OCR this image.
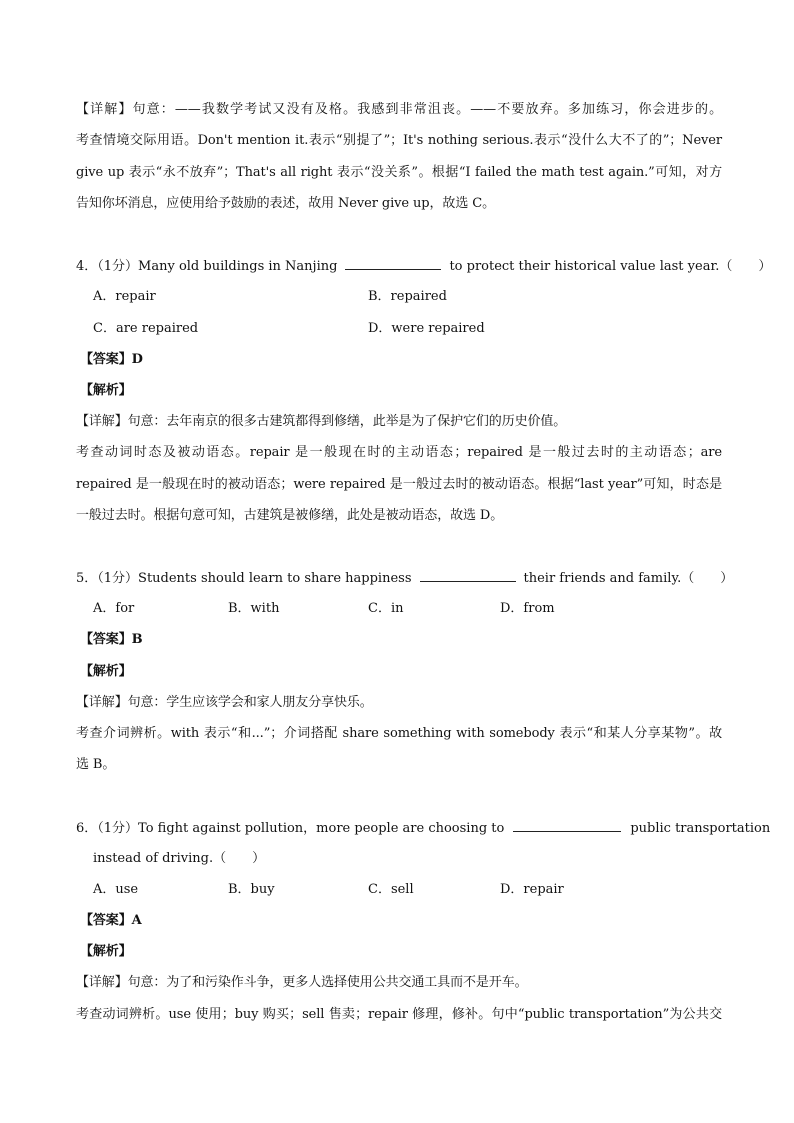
【详解】句意：——我数学考试又没有及格。我感到非常沮丧。——不要放弃。多加练习，你会进步的。
考查情境交际用语。Don't mention it.表示“别提了”；It's nothing serious.表示“没什么大不了的”；Never
give up 表示“永不放弃”；That's all right 表示“没关系”。根据“I failed the math test again.”可知，对方
告知你坏消息，应使用给予鼓励的表述，故用 Never give up，故选 C。
4．（1分）Many old buildings in Nanjing	to protect their historical value last year.（　　）
A．repair	B．repaired
C．are repaired	D．were repaired
【答案】D
【解析】
【详解】句意：去年南京的很多古建筑都得到修缮，此举是为了保护它们的历史价值。
考查动词时态及被动语态。repair 是一般现在时的主动语态；repaired 是一般过去时的主动语态；are
repaired 是一般现在时的被动语态；were repaired 是一般过去时的被动语态。根据“last year”可知，时态是
一般过去时。根据句意可知，古建筑是被修缮，此处是被动语态，故选 D。
5．（1分）Students should learn to share happiness	their friends and family.（　　）
A．for	B．with	C．in	D．from
【答案】B
【解析】
【详解】句意：学生应该学会和家人朋友分享快乐。
考查介词辨析。with 表示“和...”；介词搭配 share something with somebody 表示“和某人分享某物”。故
选 B。
6．（1分）To fight against pollution，more people are choosing to	public transportation
instead of driving.（　　）
A．use	B．buy	C．sell	D．repair
【答案】A
【解析】
【详解】句意：为了和污染作斗争，更多人选择使用公共交通工具而不是开车。
考查动词辨析。use 使用；buy 购买；sell 售卖；repair 修理，修补。句中“public transportation”为公共交
